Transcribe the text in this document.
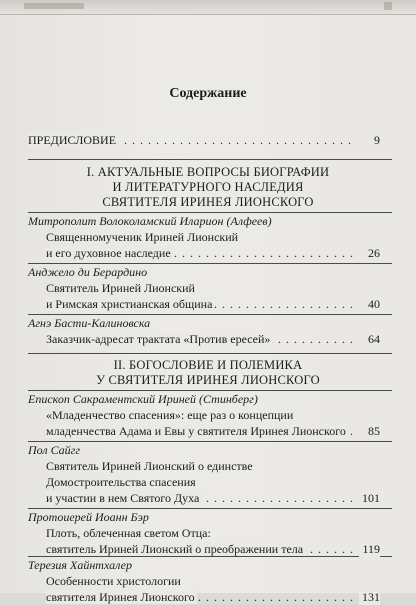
Содержание
ПРЕДИСЛОВИЕ	9
. . .
I. АКТУАЛЬНЫЕ ВОПРОСЫ БИОГРАФИИ
И ЛИТЕРАТУРНОГО НАСЛЕДИЯ
СВЯТИТЕЛЯ ИРИНЕЯ ЛИОНСКОГО
Митрополит Волоколамский Иларион (Алфеев)
Священномученик Ириней Лионский
и его духовное наследие	26
. . .
Анджело ди Берардино
Святитель Ириней Лионский
и Римская христианская община	40
. . .
Агнэ Басти-Калиновска
Заказчик-адресат трактата «Против ересей»	64
. . .
II. БОГОСЛОВИЕ И ПОЛЕМИКА
У СВЯТИТЕЛЯ ИРИНЕЯ ЛИОНСКОГО
Епископ Сакраментский Ириней (Стинберг)
«Младенчество спасения»: еще раз о концепции
младенчества Адама и Евы у святителя Иринея Лионского 85
. . .
Пол Сайгг
Святитель Ириней Лионский о единстве
Домостроительства спасения
и участии в нем Святого Духа	101
. . .
Протоиерей Иоанн Бэр
Плоть, облеченная светом Отца:
святитель Ириней Лионский о преображении тела	119
. . .
Терезия Хайнтхалер
Особенности христологии
святителя Иринея Лионского	131
. . .
